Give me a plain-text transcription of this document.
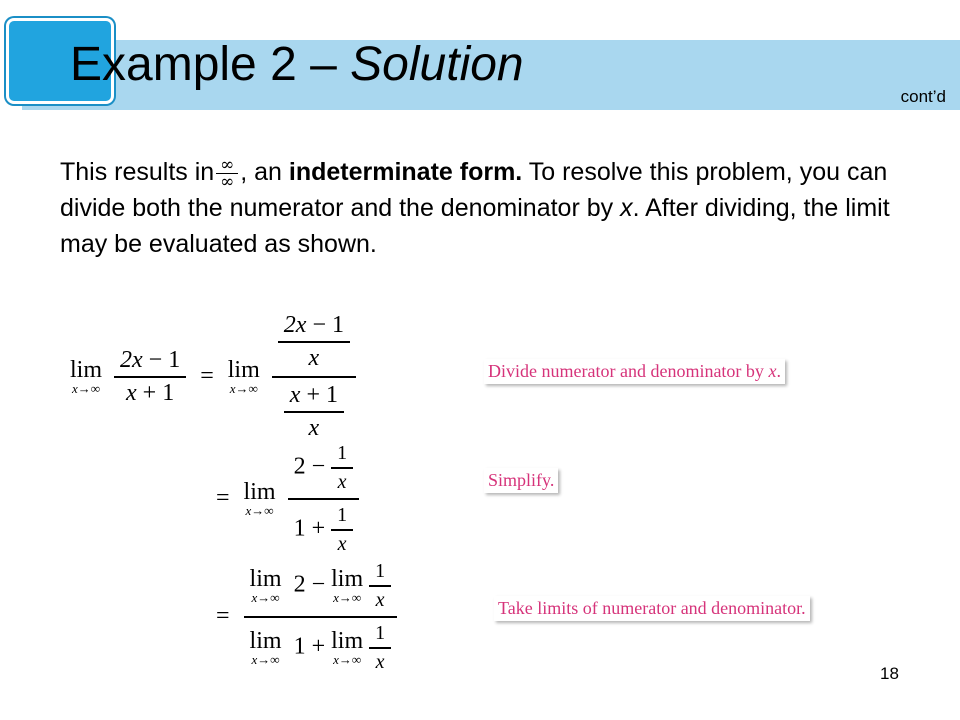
Example 2 – Solution
cont’d
This results in ∞
∞ , an indeterminate form. To resolve this problem, you can divide both the numerator and the denominator by x. After dividing, the limit may be evaluated as shown.
lim
x→∞
$\frac{2x - 1}{x + 1} = \lim$
x→∞
$\frac{\frac{2x - 1}{x}}{\frac{x + 1}{x}}$	Divide numerator and denominator by x.
= lim
x→∞
$\frac{2 - \frac{1}{x}}{1 + \frac{1}{x}}$	Simplify.
= lim
x→∞ 2 − lim
$x\to\infty \frac{1}{x}$
lim
x→∞ 1 + lim
$x\to\infty \frac{1}{x}$	Take limits of numerator and denominator.
18
